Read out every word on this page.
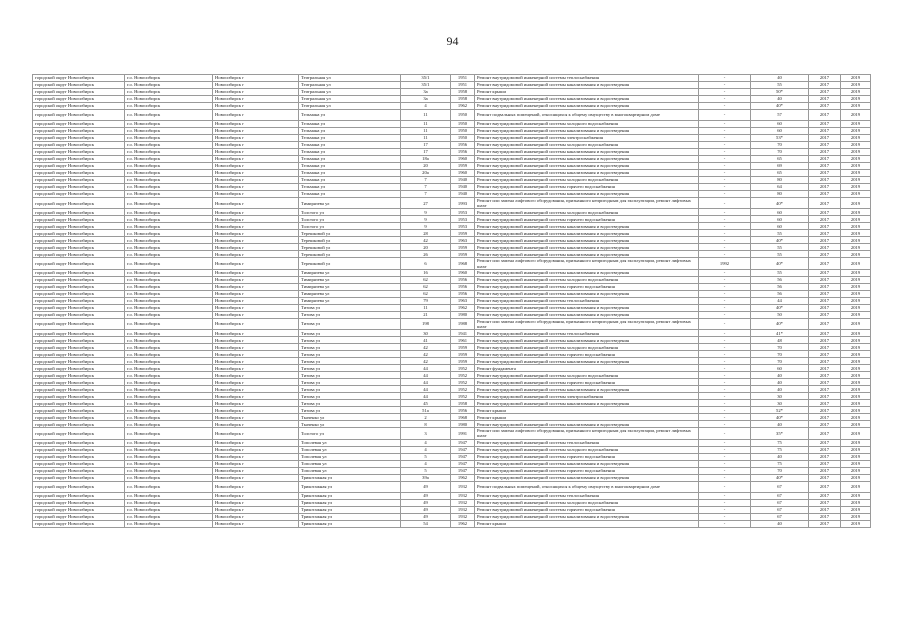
94
городской округ Новосибирск	г.о. Новосибирск	Новосибирск г	Театральная ул	35/1	1951	Ремонт внутридомовой инженерной системы теплоснабжения	-	40	2017	2019
городской округ Новосибирск	г.о. Новосибирск	Новосибирск г	Театральная ул	35/1	1951	Ремонт внутридомовой инженерной системы канализования и водоотведения	-	55	2017	2019
городской округ Новосибирск	г.о. Новосибирск	Новосибирск г	Театральная ул	3а	1958	Ремонт крыши	-	50*	2017	2019
городской округ Новосибирск	г.о. Новосибирск	Новосибирск г	Театральная ул	3а	1958	Ремонт внутридомовой инженерной системы канализования и водоотведения	-	40	2017	2019
городской округ Новосибирск	г.о. Новосибирск	Новосибирск г	Театральная ул	4	1962	Ремонт внутридомовой инженерной системы канализования и водоотведения	-	40*	2017	2019
городской округ Новосибирск	г.о. Новосибирск	Новосибирск г	Тельмана ул	11	1950	Ремонт подвальных помещений, относящихся к общему имуществу в многоквартирном доме	-	57	2017	2019
городской округ Новосибирск	г.о. Новосибирск	Новосибирск г	Тельмана ул	11	1950	Ремонт внутридомовой инженерной системы холодного водоснабжения	-	60	2017	2019
городской округ Новосибирск	г.о. Новосибирск	Новосибирск г	Тельмана ул	11	1950	Ремонт внутридомовой инженерной системы канализования и водоотведения	-	60	2017	2019
городской округ Новосибирск	г.о. Новосибирск	Новосибирск г	Тельмана ул	11	1950	Ремонт внутридомовой инженерной системы электроснабжения	-	53*	2017	2019
городской округ Новосибирск	г.о. Новосибирск	Новосибирск г	Тельмана ул	17	1956	Ремонт внутридомовой инженерной системы холодного водоснабжения	-	70	2017	2019
городской округ Новосибирск	г.о. Новосибирск	Новосибирск г	Тельмана ул	17	1956	Ремонт внутридомовой инженерной системы канализования и водоотведения	-	70	2017	2019
городской округ Новосибирск	г.о. Новосибирск	Новосибирск г	Тельмана ул	18а	1960	Ремонт внутридомовой инженерной системы канализования и водоотведения	-	65	2017	2019
городской округ Новосибирск	г.о. Новосибирск	Новосибирск г	Тельмана ул	20	1959	Ремонт внутридомовой инженерной системы канализования и водоотведения	-	69	2017	2019
городской округ Новосибирск	г.о. Новосибирск	Новосибирск г	Тельмана ул	20а	1960	Ремонт внутридомовой инженерной системы канализования и водоотведения	-	65	2017	2019
городской округ Новосибирск	г.о. Новосибирск	Новосибирск г	Тельмана ул	7	1940	Ремонт внутридомовой инженерной системы холодного водоснабжения	-	80	2017	2019
городской округ Новосибирск	г.о. Новосибирск	Новосибирск г	Тельмана ул	7	1940	Ремонт внутридомовой инженерной системы горячего водоснабжения	-	64	2017	2019
городской округ Новосибирск	г.о. Новосибирск	Новосибирск г	Тельмана ул	7	1940	Ремонт внутридомовой инженерной системы канализования и водоотведения	-	80	2017	2019
городской округ Новосибирск	г.о. Новосибирск	Новосибирск г	Тимирязева ул	27	1993	Ремонт или замена лифтового оборудования, признанного непригодным для эксплуатации, ремонт лифтовых шахт	-	40*	2017	2019
городской округ Новосибирск	г.о. Новосибирск	Новосибирск г	Толстого ул	9	1953	Ремонт внутридомовой инженерной системы холодного водоснабжения	-	60	2017	2019
городской округ Новосибирск	г.о. Новосибирск	Новосибирск г	Толстого ул	9	1953	Ремонт внутридомовой инженерной системы горячего водоснабжения	-	60	2017	2019
городской округ Новосибирск	г.о. Новосибирск	Новосибирск г	Толстого ул	9	1953	Ремонт внутридомовой инженерной системы канализования и водоотведения	-	60	2017	2019
городской округ Новосибирск	г.о. Новосибирск	Новосибирск г	Терешковой ул	28	1959	Ремонт внутридомовой инженерной системы канализования и водоотведения	-	55	2017	2019
городской округ Новосибирск	г.о. Новосибирск	Новосибирск г	Терешковой ул	42	1963	Ремонт внутридомовой инженерной системы канализования и водоотведения	-	40*	2017	2019
городской округ Новосибирск	г.о. Новосибирск	Новосибирск г	Терешковой ул	20	1959	Ремонт внутридомовой инженерной системы канализования и водоотведения	-	55	2017	2019
городской округ Новосибирск	г.о. Новосибирск	Новосибирск г	Терешковой ул	26	1959	Ремонт внутридомовой инженерной системы канализования и водоотведения	-	55	2017	2019
городской округ Новосибирск	г.о. Новосибирск	Новосибирск г	Терешковой ул	6	1968	Ремонт или замена лифтового оборудования, признанного непригодным для эксплуатации, ремонт лифтовых шахт	1992	40*	2017	2019
городской округ Новосибирск	г.о. Новосибирск	Новосибирск г	Тимирязева ул	16	1960	Ремонт внутридомовой инженерной системы канализования и водоотведения	-	55	2017	2019
городской округ Новосибирск	г.о. Новосибирск	Новосибирск г	Тимирязева ул	62	1956	Ремонт внутридомовой инженерной системы холодного водоснабжения	-	56	2017	2019
городской округ Новосибирск	г.о. Новосибирск	Новосибирск г	Тимирязева ул	62	1956	Ремонт внутридомовой инженерной системы горячего водоснабжения	-	56	2017	2019
городской округ Новосибирск	г.о. Новосибирск	Новосибирск г	Тимирязева ул	62	1956	Ремонт внутридомовой инженерной системы канализования и водоотведения	-	56	2017	2019
городской округ Новосибирск	г.о. Новосибирск	Новосибирск г	Тимирязева ул	79	1963	Ремонт внутридомовой инженерной системы теплоснабжения	-	44	2017	2019
городской округ Новосибирск	г.о. Новосибирск	Новосибирск г	Титова ул	11	1962	Ремонт внутридомовой инженерной системы канализования и водоотведения	-	40*	2017	2019
городской округ Новосибирск	г.о. Новосибирск	Новосибирск г	Титова ул	21	1980	Ремонт внутридомовой инженерной системы канализования и водоотведения	-	50	2017	2019
городской округ Новосибирск	г.о. Новосибирск	Новосибирск г	Титова ул	198	1988	Ремонт или замена лифтового оборудования, признанного непригодным для эксплуатации, ремонт лифтовых шахт	-	40*	2017	2019
городской округ Новосибирск	г.о. Новосибирск	Новосибирск г	Титова ул	30	1941	Ремонт внутридомовой инженерной системы теплоснабжения	-	41*	2017	2019
городской округ Новосибирск	г.о. Новосибирск	Новосибирск г	Титова ул	41	1961	Ремонт внутридомовой инженерной системы канализования и водоотведения	-	48	2017	2019
городской округ Новосибирск	г.о. Новосибирск	Новосибирск г	Титова ул	42	1959	Ремонт внутридомовой инженерной системы холодного водоснабжения	-	70	2017	2019
городской округ Новосибирск	г.о. Новосибирск	Новосибирск г	Титова ул	42	1959	Ремонт внутридомовой инженерной системы горячего водоснабжения	-	70	2017	2019
городской округ Новосибирск	г.о. Новосибирск	Новосибирск г	Титова ул	42	1959	Ремонт внутридомовой инженерной системы канализования и водоотведения	-	70	2017	2019
городской округ Новосибирск	г.о. Новосибирск	Новосибирск г	Титова ул	44	1952	Ремонт фундамента	-	60	2017	2019
городской округ Новосибирск	г.о. Новосибирск	Новосибирск г	Титова ул	44	1952	Ремонт внутридомовой инженерной системы холодного водоснабжения	-	40	2017	2019
городской округ Новосибирск	г.о. Новосибирск	Новосибирск г	Титова ул	44	1952	Ремонт внутридомовой инженерной системы горячего водоснабжения	-	40	2017	2019
городской округ Новосибирск	г.о. Новосибирск	Новосибирск г	Титова ул	44	1952	Ремонт внутридомовой инженерной системы канализования и водоотведения	-	40	2017	2019
городской округ Новосибирск	г.о. Новосибирск	Новосибирск г	Титова ул	44	1952	Ремонт внутридомовой инженерной системы электроснабжения	-	30	2017	2019
городской округ Новосибирск	г.о. Новосибирск	Новосибирск г	Титова ул	45	1958	Ремонт внутридомовой инженерной системы канализования и водоотведения	-	30	2017	2019
городской округ Новосибирск	г.о. Новосибирск	Новосибирск г	Титова ул	51а	1956	Ремонт крыши	-	52*	2017	2019
городской округ Новосибирск	г.о. Новосибирск	Новосибирск г	Ткаченко ул	2	1968	Ремонт крыши	-	40*	2017	2019
городской округ Новосибирск	г.о. Новосибирск	Новосибирск г	Ткаченко ул	8	1980	Ремонт внутридомовой инженерной системы канализования и водоотведения	-	40	2017	2019
городской округ Новосибирск	г.о. Новосибирск	Новосибирск г	Толстого ул	3	1991	Ремонт или замена лифтового оборудования, признанного непригодным для эксплуатации, ремонт лифтовых шахт	-	35*	2017	2019
городской округ Новосибирск	г.о. Новосибирск	Новосибирск г	Тополевая ул	4	1947	Ремонт внутридомовой инженерной системы теплоснабжения	-	75	2017	2019
городской округ Новосибирск	г.о. Новосибирск	Новосибирск г	Тополевая ул	4	1947	Ремонт внутридомовой инженерной системы холодного водоснабжения	-	75	2017	2019
городской округ Новосибирск	г.о. Новосибирск	Новосибирск г	Тополевая ул	5	1947	Ремонт внутридомовой инженерной системы горячего водоснабжения	-	40	2017	2019
городской округ Новосибирск	г.о. Новосибирск	Новосибирск г	Тополевая ул	4	1947	Ремонт внутридомовой инженерной системы канализования и водоотведения	-	75	2017	2019
городской округ Новосибирск	г.о. Новосибирск	Новосибирск г	Тополевая ул	5	1947	Ремонт внутридомовой инженерной системы горячего водоснабжения	-	70	2017	2019
городской округ Новосибирск	г.о. Новосибирск	Новосибирск г	Трикотажная ул	39а	1962	Ремонт внутридомовой инженерной системы канализования и водоотведения	-	40*	2017	2019
городской округ Новосибирск	г.о. Новосибирск	Новосибирск г	Трикотажная ул	49	1932	Ремонт подвальных помещений, относящихся к общему имуществу в многоквартирном доме	-	67	2017	2019
городской округ Новосибирск	г.о. Новосибирск	Новосибирск г	Трикотажная ул	49	1932	Ремонт внутридомовой инженерной системы теплоснабжения	-	67	2017	2019
городской округ Новосибирск	г.о. Новосибирск	Новосибирск г	Трикотажная ул	49	1932	Ремонт внутридомовой инженерной системы холодного водоснабжения	-	67	2017	2019
городской округ Новосибирск	г.о. Новосибирск	Новосибирск г	Трикотажная ул	49	1932	Ремонт внутридомовой инженерной системы горячего водоснабжения	-	67	2017	2019
городской округ Новосибирск	г.о. Новосибирск	Новосибирск г	Трикотажная ул	49	1932	Ремонт внутридомовой инженерной системы канализования и водоотведения	-	67	2017	2019
городской округ Новосибирск	г.о. Новосибирск	Новосибирск г	Трикотажная ул	54	1962	Ремонт крыши	-	40	2017	2019
